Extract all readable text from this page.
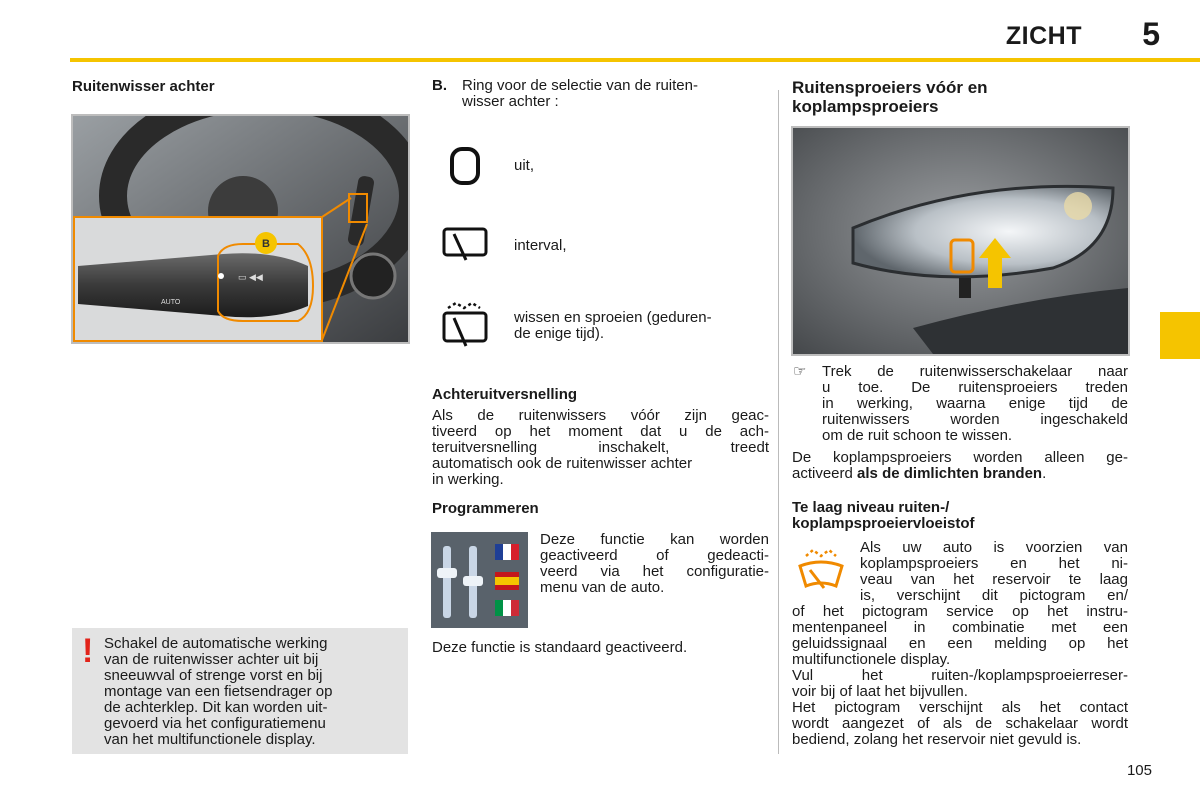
ZICHT 5
105
Ruitenwisser achter
▭ ◀◀
AUTO
B
! Schakel de automatische werking
van de ruitenwisser achter uit bij
sneeuwval of strenge vorst en bij
montage van een fietsendrager op
de achterklep. Dit kan worden uit-
gevoerd via het configuratiemenu
van het multifunctionele display.
B. Ring voor de selectie van de ruiten-
wisser achter :
uit,
interval,
wissen en sproeien (geduren-
de enige tijd).
Achteruitversnelling
Als de ruitenwissers vóór zijn geac-
tiveerd op het moment dat u de ach-
teruitversnelling inschakelt, treedt
automatisch ook de ruitenwisser achter
in werking.
Programmeren
Deze functie kan worden
geactiveerd of gedeacti-
veerd via het configuratie-
menu van de auto.
Deze functie is standaard geactiveerd.
Ruitensproeiers vóór en
koplampsproeiers
☞ Trek de ruitenwisserschakelaar naar
u toe. De ruitensproeiers treden
in werking, waarna enige tijd de
ruitenwissers worden ingeschakeld
om de ruit schoon te wissen.
De koplampsproeiers worden alleen ge-
activeerd als de dimlichten branden.
Te laag niveau ruiten-/
koplampsproeiervloeistof
Als uw auto is voorzien van
koplampsproeiers en het ni-
veau van het reservoir te laag
is, verschijnt dit pictogram en/
of het pictogram service op het instru-
mentenpaneel in combinatie met een
geluidssignaal en een melding op het
multifunctionele display.
Vul het ruiten-/koplampsproeierreser-
voir bij of laat het bijvullen.
Het pictogram verschijnt als het contact
wordt aangezet of als de schakelaar wordt
bediend, zolang het reservoir niet gevuld is.
